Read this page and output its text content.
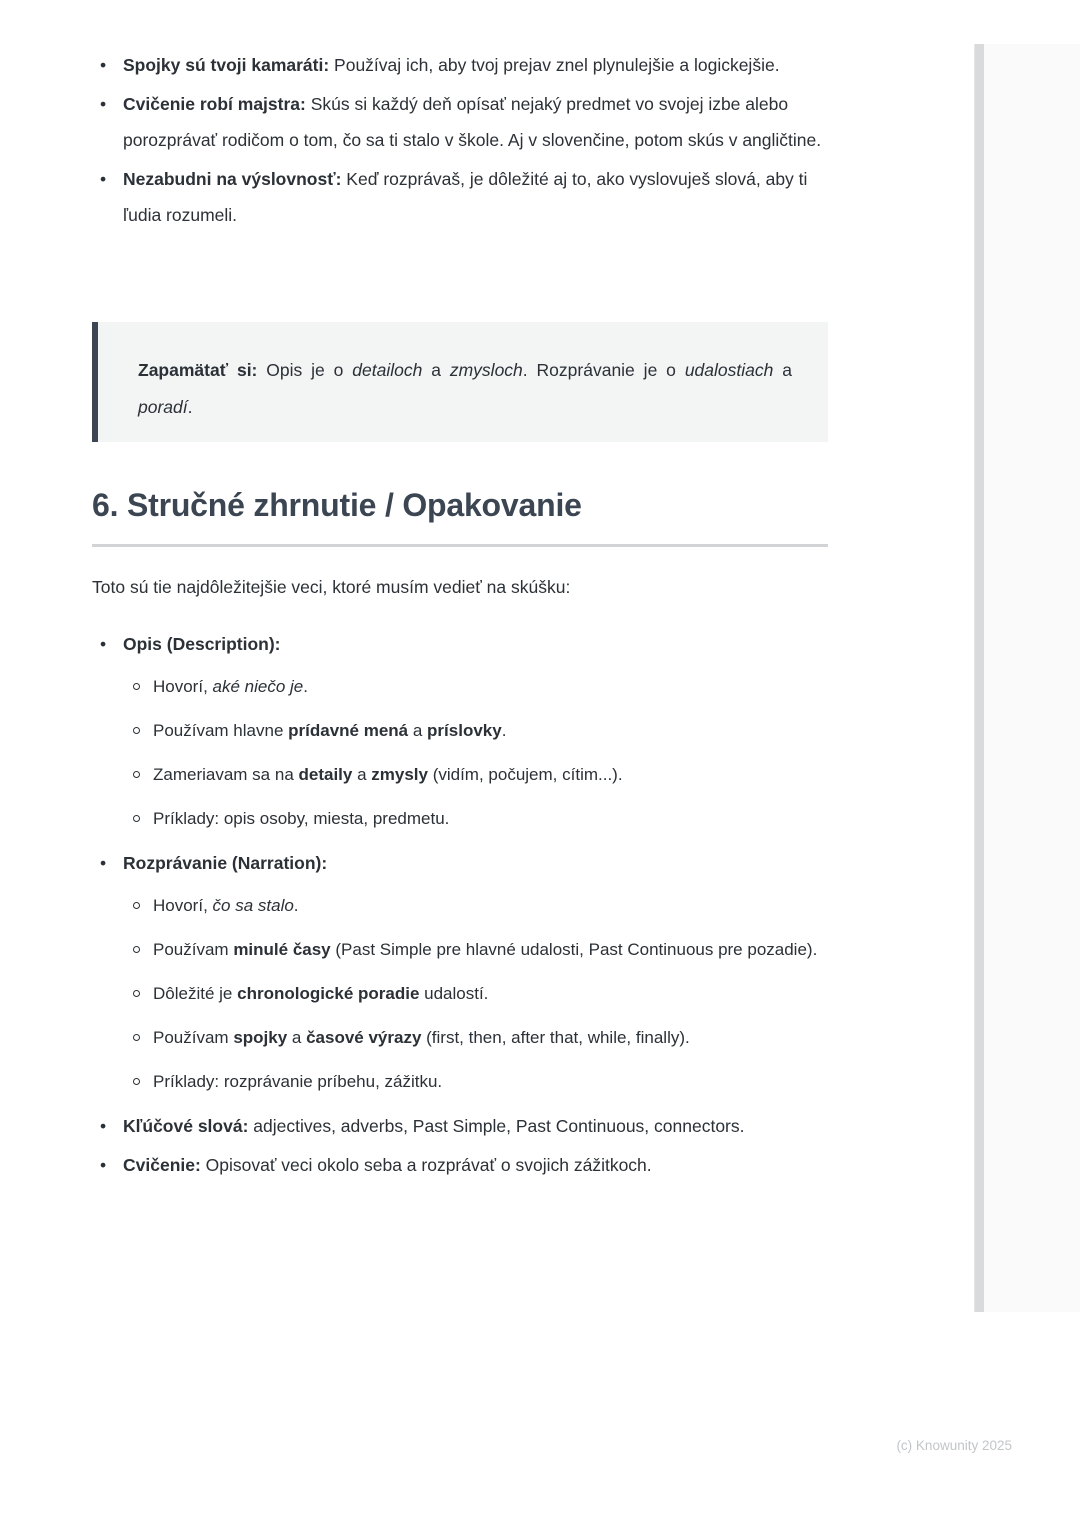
• Spojky sú tvoji kamaráti: Používaj ich, aby tvoj prejav znel plynulejšie a logickejšie.
• Cvičenie robí majstra: Skús si každý deň opísať nejaký predmet vo svojej izbe alebo porozprávať rodičom o tom, čo sa ti stalo v škole. Aj v slovenčine, potom skús v angličtine.
• Nezabudni na výslovnosť: Keď rozprávaš, je dôležité aj to, ako vyslovuješ slová, aby ti ľudia rozumeli.

Zapamätať si: Opis je o detailoch a zmysloch. Rozprávanie je o udalostiach a poradí.

6. Stručné zhrnutie / Opakovanie

Toto sú tie najdôležitejšie veci, ktoré musím vedieť na skúšku:

• Opis (Description):
Hovorí, aké niečo je.
Používam hlavne prídavné mená a príslovky.
Zameriavam sa na detaily a zmysly (vidím, počujem, cítim...).
Príklady: opis osoby, miesta, predmetu.
• Rozprávanie (Narration):
Hovorí, čo sa stalo.
Používam minulé časy (Past Simple pre hlavné udalosti, Past Continuous pre pozadie).
Dôležité je chronologické poradie udalostí.
Používam spojky a časové výrazy (first, then, after that, while, finally).
Príklady: rozprávanie príbehu, zážitku.
• Kľúčové slová: adjectives, adverbs, Past Simple, Past Continuous, connectors.
• Cvičenie: Opisovať veci okolo seba a rozprávať o svojich zážitkoch.
(c) Knowunity 2025
